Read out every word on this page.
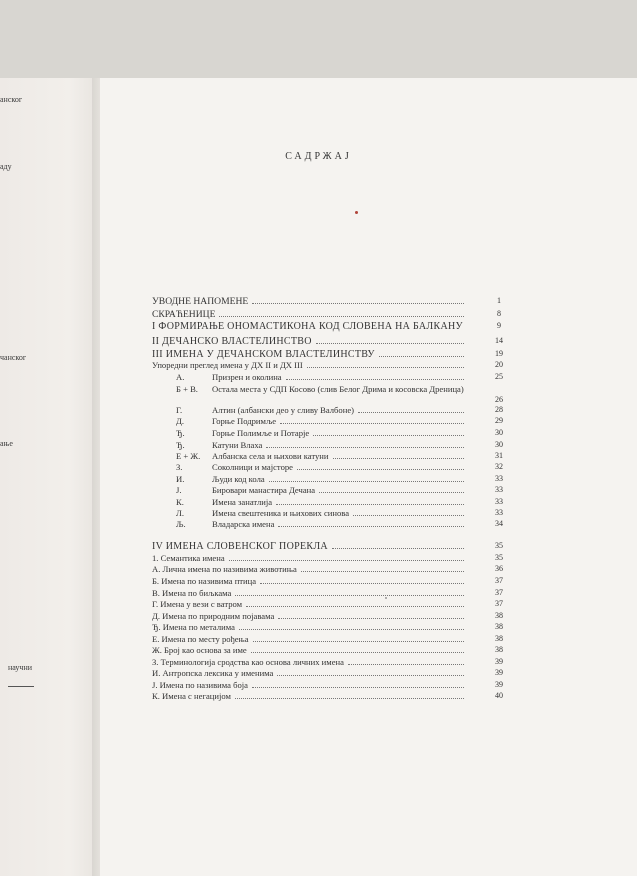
анског
аду
чанског
ање
научни
САДРЖАЈ
УВОДНЕ НАПОМЕНЕ	1
СКРАЋЕНИЦЕ	8
I ФОРМИРАЊЕ ОНОМАСТИКОНА КОД СЛОВЕНА НА БАЛКАНУ	9
II ДЕЧАНСКО ВЛАСТЕЛИНСТВО	14
III ИМЕНА У ДЕЧАНСКОМ ВЛАСТЕЛИНСТВУ	19
Упоредни преглед имена у ДХ II и ДХ III	20
А.	Призрен и околина	25
Б + В.	Остала места у СДП Косово (слив Белог Дрима и косовска Дреница)
26
Г.	Алтин (албански део у сливу Валбоне)	28
Д.	Горње Подримље	29
Ђ.	Горње Полимље и Потарје	30
Ђ.	Катуни Влаха	30
Е + Ж.	Албанска села и њихови катуни	31
З.	Соколници и мајсторе	32
И.	Људи код кола	33
Ј.	Бировари манастира Дечана	33
К.	Имена занатлија	33
Л.	Имена свештеника и њихових синова	33
Љ.	Владарска имена	34
IV ИМЕНА СЛОВЕНСКОГ ПОРЕКЛА	35
1. Семантика имена	35
А. Лична имена по називима животиња	36
Б. Имена по називима птица	37
В. Имена по биљкама	37
Г. Имена у вези с ватром	37
Д. Имена по природним појавама	38
Ђ. Имена по металима	38
Е. Имена по месту рођења	38
Ж. Број као основа за име	38
З. Терминологија сродства као основа личних имена	39
И. Антропска лексика у именима	39
Ј. Имена по називима боја	39
К. Имена с негацијом	40
